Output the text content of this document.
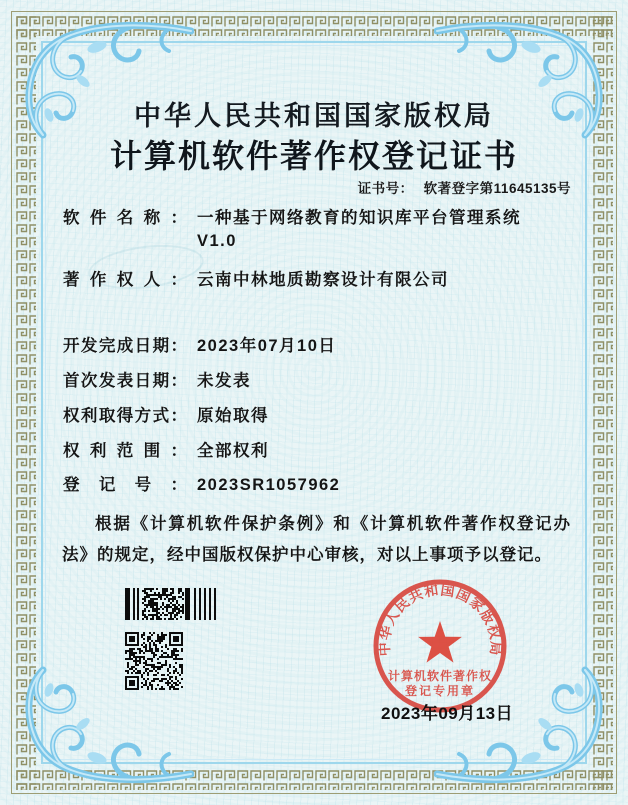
中华人民共和国国家版权局
计算机软件著作权登记证书
证书号： 软著登字第11645135号
软件名称： 一种基于网络教育的知识库平台管理系统
V1.0
著作权人： 云南中林地质勘察设计有限公司
开发完成日期： 2023年07月10日
首次发表日期： 未发表
权利取得方式： 原始取得
权利范围： 全部权利
登记号： 2023SR1057962
根据《计算机软件保护条例》和《计算机软件著作权登记办法》的规定，经中国版权保护中心审核，对以上事项予以登记。
中华人民共和国国家版权局
计算机软件著作权
登记专用章
2023年09月13日
